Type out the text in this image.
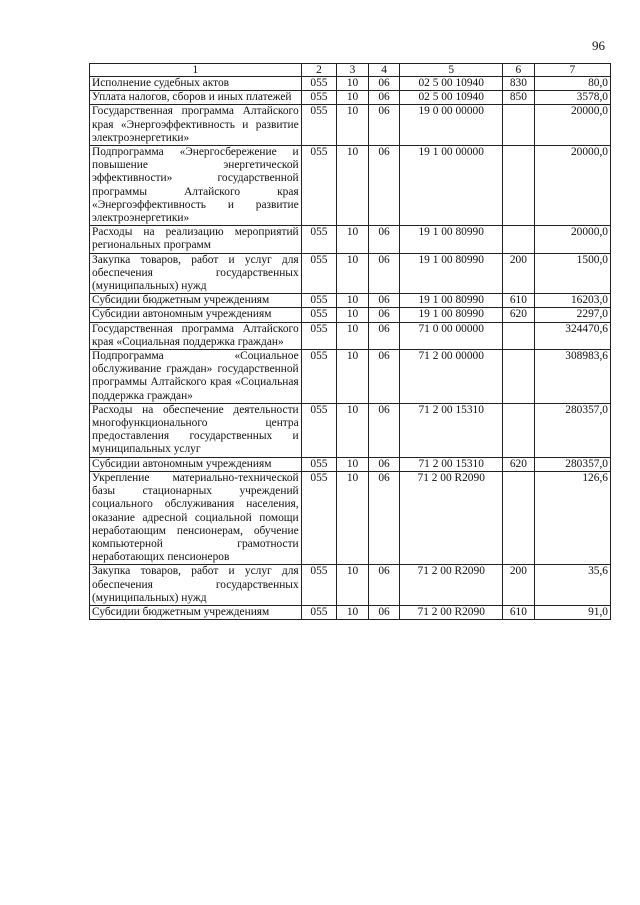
96
1	2	3	4	5	6	7
Исполнение судебных актов	055	10	06	02 5 00 10940	830	80,0
Уплата налогов, сборов и иных платежей	055	10	06	02 5 00 10940	850	3578,0
Государственная программа Алтайского края «Энергоэффективность и развитие электроэнергетики»	055	10	06	19 0 00 00000		20000,0
Подпрограмма «Энергосбережение и повышение энергетической эффективности» государственной программы Алтайского края «Энергоэффективность и развитие электроэнергетики»	055	10	06	19 1 00 00000		20000,0
Расходы на реализацию мероприятий региональных программ	055	10	06	19 1 00 80990		20000,0
Закупка товаров, работ и услуг для обеспечения государственных (муниципальных) нужд	055	10	06	19 1 00 80990	200	1500,0
Субсидии бюджетным учреждениям	055	10	06	19 1 00 80990	610	16203,0
Субсидии автономным учреждениям	055	10	06	19 1 00 80990	620	2297,0
Государственная программа Алтайского края «Социальная поддержка граждан»	055	10	06	71 0 00 00000		324470,6
Подпрограмма «Социальное обслуживание граждан» государственной программы Алтайского края «Социальная поддержка граждан»	055	10	06	71 2 00 00000		308983,6
Расходы на обеспечение деятельности многофункционального центра предоставления государственных и муниципальных услуг	055	10	06	71 2 00 15310		280357,0
Субсидии автономным учреждениям	055	10	06	71 2 00 15310	620	280357,0
Укрепление материально-технической базы стационарных учреждений социального обслуживания населения, оказание адресной социальной помощи неработающим пенсионерам, обучение компьютерной грамотности неработающих пенсионеров	055	10	06	71 2 00 R2090		126,6
Закупка товаров, работ и услуг для обеспечения государственных (муниципальных) нужд	055	10	06	71 2 00 R2090	200	35,6
Субсидии бюджетным учреждениям	055	10	06	71 2 00 R2090	610	91,0
